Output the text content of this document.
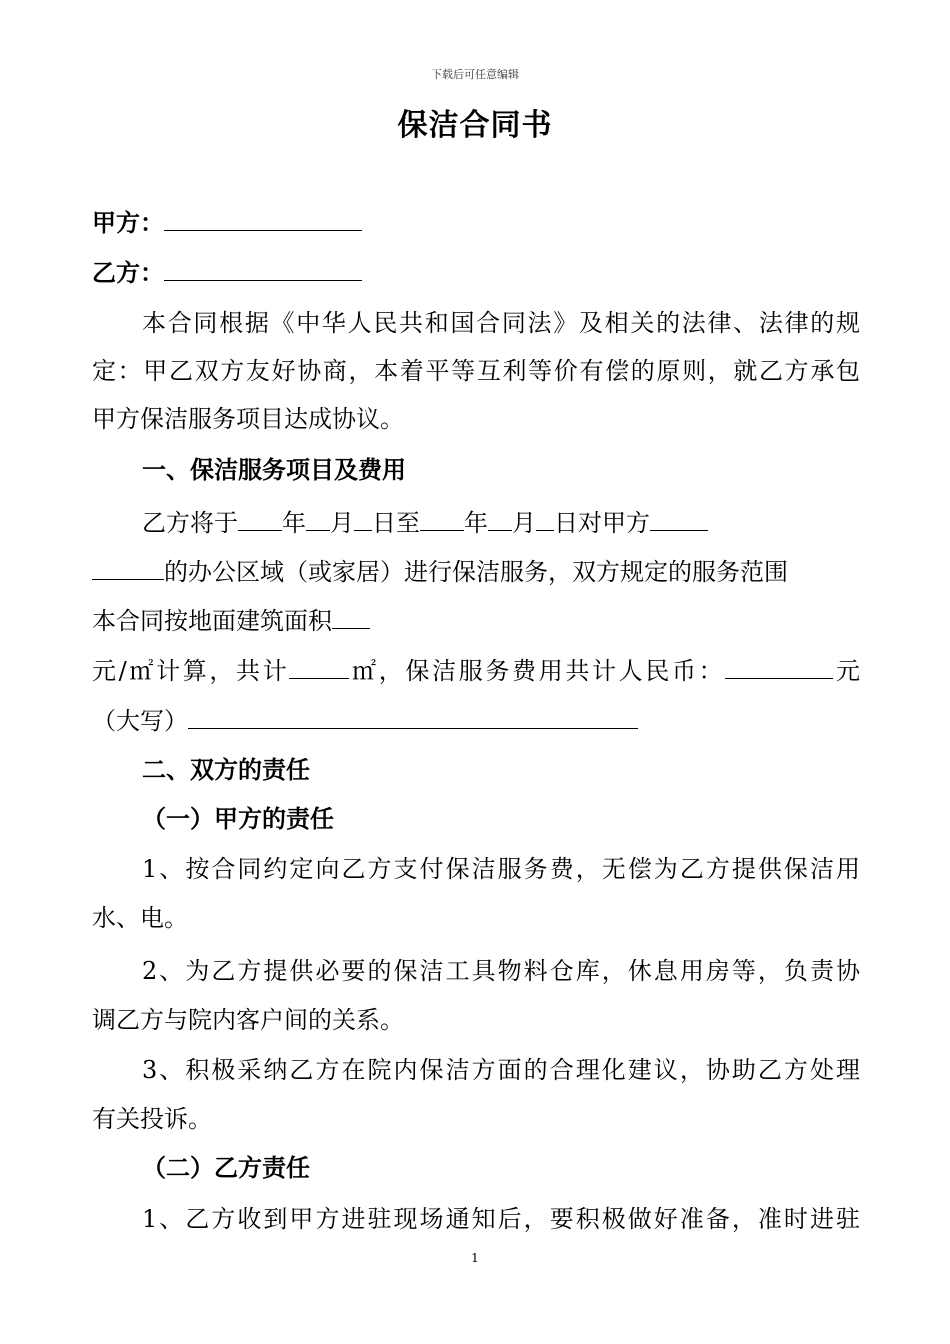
下载后可任意编辑
保洁合同书
甲方：
乙方：
本合同根据《中华人民共和国合同法》及相关的法律、法律的规
定：甲乙双方友好协商，本着平等互利等价有偿的原则，就乙方承包
甲方保洁服务项目达成协议。
一、保洁服务项目及费用
乙方将于 年 月 日至 年 月 日对甲方
的办公区域（或家居）进行保洁服务，双方规定的服务范围
本合同按地面建筑面积
元/㎡计算，共计	㎡，保洁服务费用共计人民币：	元
（大写）
二、双方的责任
（一）甲方的责任
1、按合同约定向乙方支付保洁服务费，无偿为乙方提供保洁用
水、电。
2、为乙方提供必要的保洁工具物料仓库，休息用房等，负责协
调乙方与院内客户间的关系。
3、积极采纳乙方在院内保洁方面的合理化建议，协助乙方处理
有关投诉。
（二）乙方责任
1、乙方收到甲方进驻现场通知后，要积极做好准备，准时进驻
1
